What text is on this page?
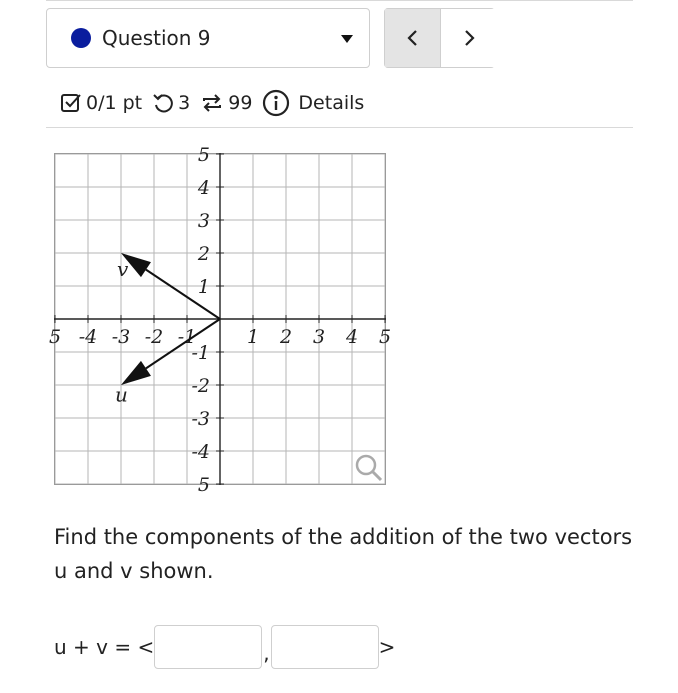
Question 9
0/1 pt 3 99 Details
5 -4 -3 -2 -1	1 2 3 4 5
5
4
3
2
1
-1
-2
-3
-4
5
v
u
Find the components of the addition of the two vectors u and v shown.
u + v = <	,	>
